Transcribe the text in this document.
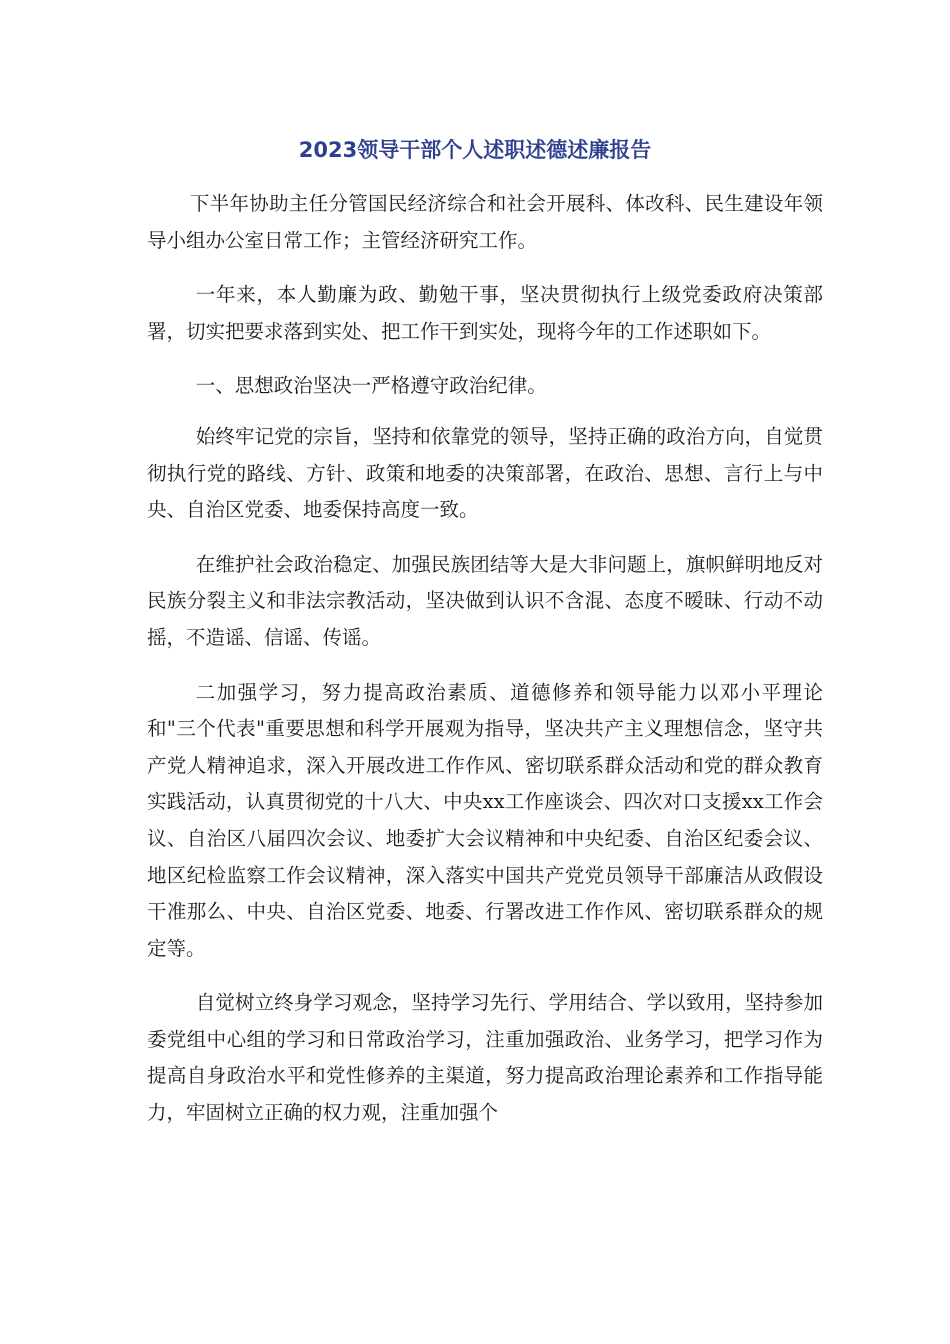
2023领导干部个人述职述德述廉报告

下半年协助主任分管国民经济综合和社会开展科、体改科、民生建设年领导小组办公室日常工作；主管经济研究工作。

一年来，本人勤廉为政、勤勉干事，坚决贯彻执行上级党委政府决策部署，切实把要求落到实处、把工作干到实处，现将今年的工作述职如下。

一、思想政治坚决一严格遵守政治纪律。

始终牢记党的宗旨，坚持和依靠党的领导，坚持正确的政治方向，自觉贯彻执行党的路线、方针、政策和地委的决策部署，在政治、思想、言行上与中央、自治区党委、地委保持高度一致。

在维护社会政治稳定、加强民族团结等大是大非问题上，旗帜鲜明地反对民族分裂主义和非法宗教活动，坚决做到认识不含混、态度不暧昧、行动不动摇，不造谣、信谣、传谣。

二加强学习，努力提高政治素质、道德修养和领导能力以邓小平理论和"三个代表"重要思想和科学开展观为指导，坚决共产主义理想信念，坚守共产党人精神追求，深入开展改进工作作风、密切联系群众活动和党的群众教育实践活动，认真贯彻党的十八大、中央xx工作座谈会、四次对口支援xx工作会议、自治区八届四次会议、地委扩大会议精神和中央纪委、自治区纪委会议、地区纪检监察工作会议精神，深入落实中国共产党党员领导干部廉洁从政假设干准那么、中央、自治区党委、地委、行署改进工作作风、密切联系群众的规定等。

自觉树立终身学习观念，坚持学习先行、学用结合、学以致用，坚持参加委党组中心组的学习和日常政治学习，注重加强政治、业务学习，把学习作为提高自身政治水平和党性修养的主渠道，努力提高政治理论素养和工作指导能力，牢固树立正确的权力观，注重加强个
